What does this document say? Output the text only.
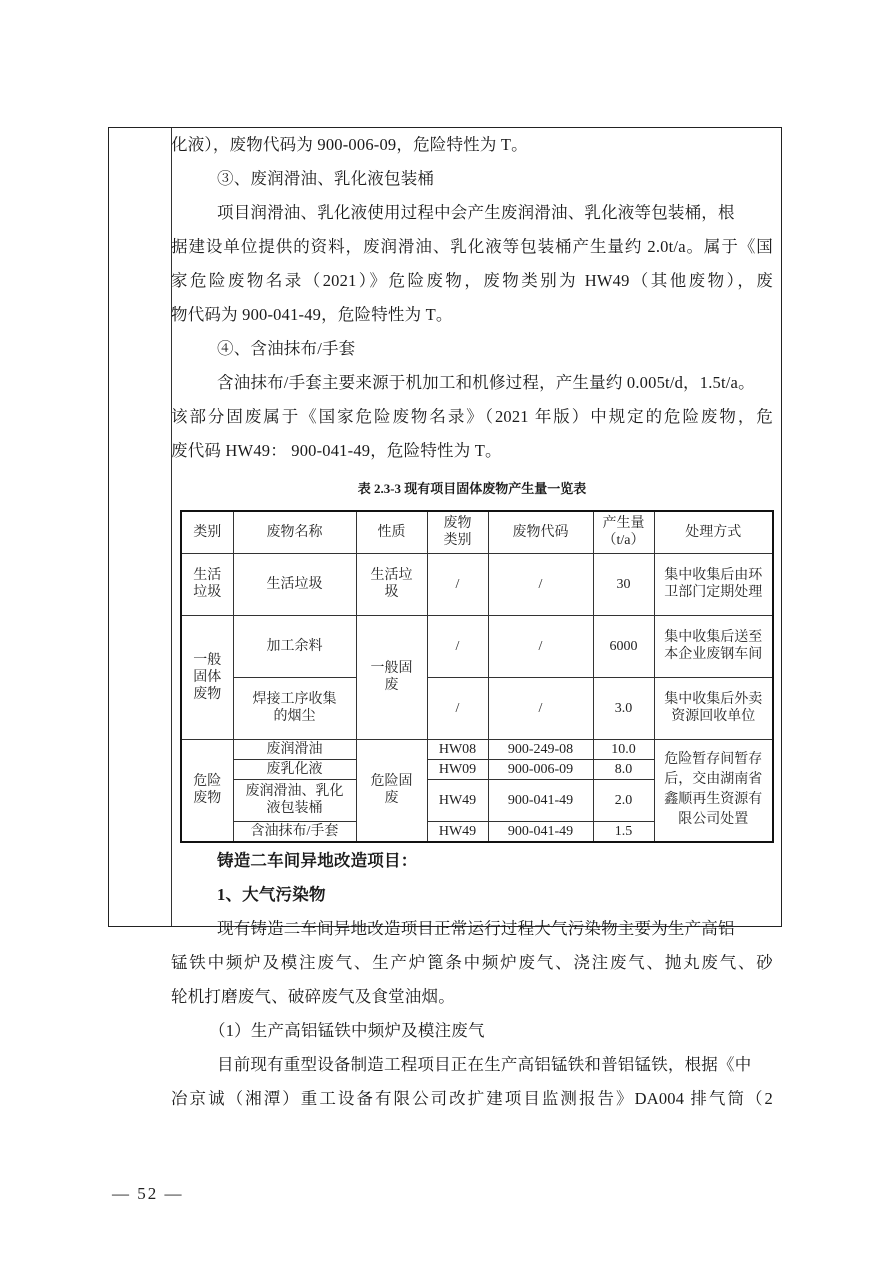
化液），废物代码为 900-006-09，危险特性为 T。
③、废润滑油、乳化液包装桶
项目润滑油、乳化液使用过程中会产生废润滑油、乳化液等包装桶，根
据建设单位提供的资料，废润滑油、乳化液等包装桶产生量约 2.0t/a。属于《国
家危险废物名录（2021）》危险废物，废物类别为 HW49（其他废物），废
物代码为 900-041-49，危险特性为 T。
④、含油抹布/手套
含油抹布/手套主要来源于机加工和机修过程，产生量约 0.005t/d，1.5t/a。
该部分固废属于《国家危险废物名录》（2021 年版）中规定的危险废物，危
废代码 HW49： 900-041-49，危险特性为 T。
表 2.3-3 现有项目固体废物产生量一览表
铸造二车间异地改造项目：
1、大气污染物
现有铸造二车间异地改造项目正常运行过程大气污染物主要为生产高铝
锰铁中频炉及模注废气、生产炉篦条中频炉废气、浇注废气、抛丸废气、砂
轮机打磨废气、破碎废气及食堂油烟。
（1）生产高铝锰铁中频炉及模注废气
目前现有重型设备制造工程项目正在生产高铝锰铁和普铝锰铁，根据《中
冶京诚（湘潭）重工设备有限公司改扩建项目监测报告》DA004 排气筒（2
类别	废物名称	性质	废物类别	废物代码	产生量（t/a）	处理方式
生活垃圾	生活垃圾	生活垃圾	/	/	30	集中收集后由环卫部门定期处理
一般固体废物	加工余料	一般固废	/	/	6000	集中收集后送至本企业废钢车间
	焊接工序收集的烟尘		/	/	3.0	集中收集后外卖资源回收单位
危险废物	废润滑油	危险固废	HW08	900-249-08	10.0	危险暂存间暂存后，交由湖南省鑫顺再生资源有限公司处置
	废乳化液		HW09	900-006-09	8.0	
	废润滑油、乳化液包装桶		HW49	900-041-49	2.0	
	含油抹布/手套		HW49	900-041-49	1.5	
— 52 —
